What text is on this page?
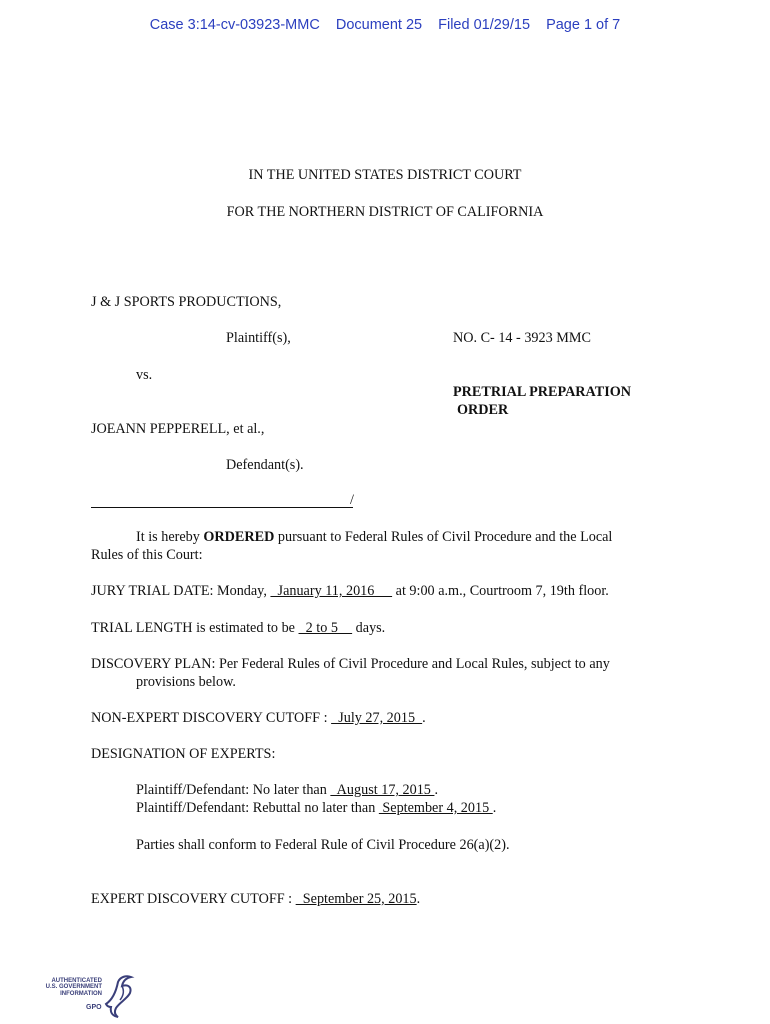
Case 3:14-cv-03923-MMC Document 25 Filed 01/29/15 Page 1 of 7
IN THE UNITED STATES DISTRICT COURT
FOR THE NORTHERN DISTRICT OF CALIFORNIA
J & J SPORTS PRODUCTIONS,
Plaintiff(s),	NO. C- 14 - 3923 MMC
vs.
PRETRIAL PREPARATION
ORDER
JOEANN PEPPERELL, et al.,
Defendant(s).
/
It is hereby ORDERED pursuant to Federal Rules of Civil Procedure and the Local
Rules of this Court:
JURY TRIAL DATE: Monday,   January 11, 2016      at 9:00 a.m., Courtroom 7, 19th floor.
TRIAL LENGTH is estimated to be   2 to 5     days.
DISCOVERY PLAN: Per Federal Rules of Civil Procedure and Local Rules, subject to any
provisions below.
NON-EXPERT DISCOVERY CUTOFF :   July 27, 2015  .
DESIGNATION OF EXPERTS:
Plaintiff/Defendant: No later than   August 17, 2015 .
Plaintiff/Defendant: Rebuttal no later than  September 4, 2015 .
Parties shall conform to Federal Rule of Civil Procedure 26(a)(2).
EXPERT DISCOVERY CUTOFF :   September 25, 2015.
AUTHENTICATED
U.S. GOVERNMENT
INFORMATION
GPO
